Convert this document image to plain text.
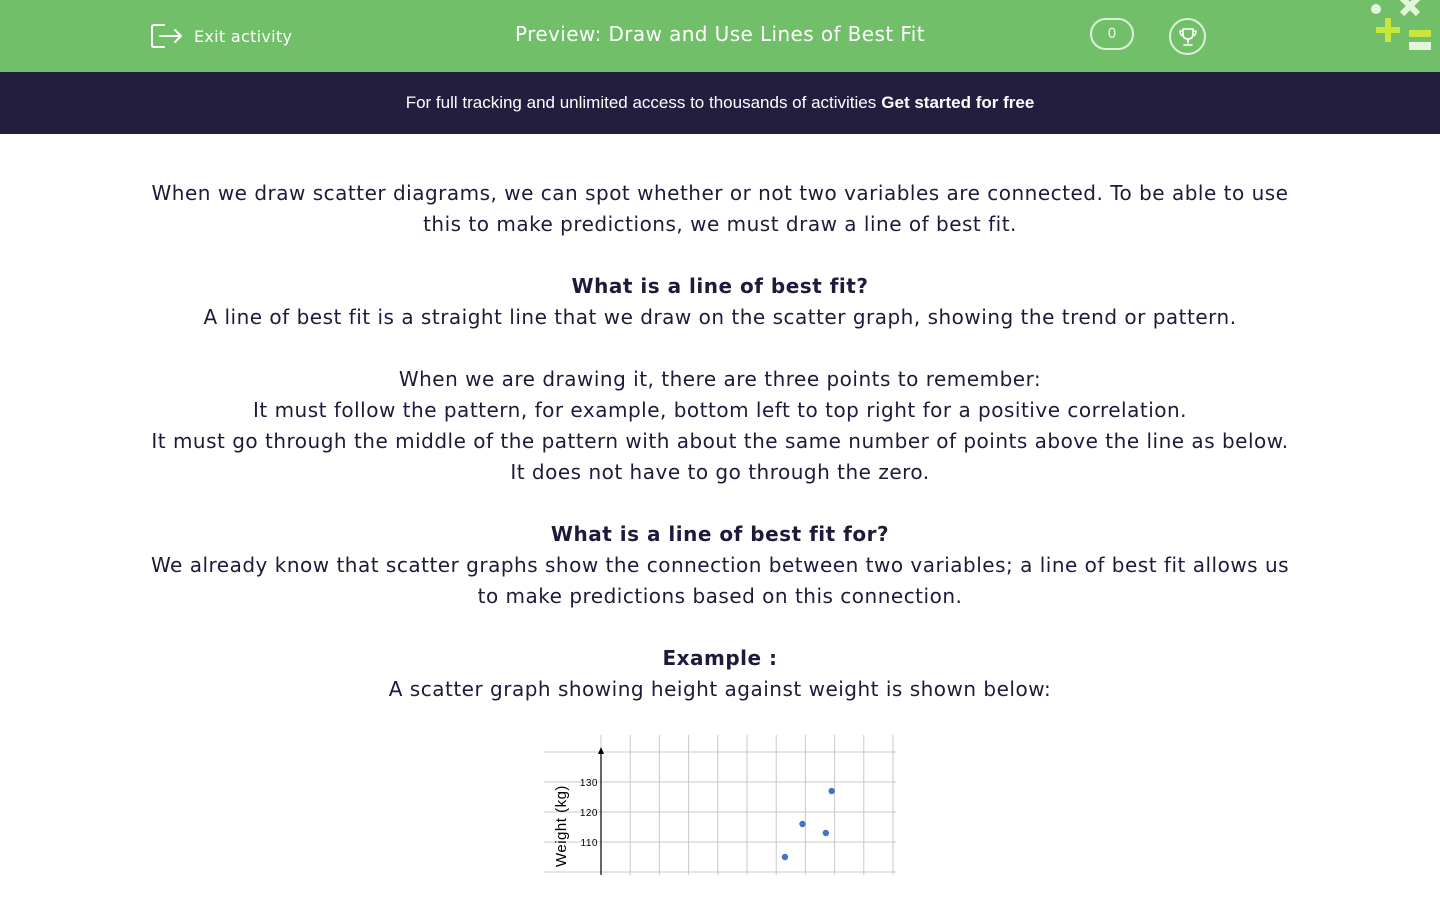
Exit activity	Preview: Draw and Use Lines of Best Fit	0
For full tracking and unlimited access to thousands of activities Get started for free

When we draw scatter diagrams, we can spot whether or not two variables are connected. To be able to use this to make predictions, we must draw a line of best fit.

What is a line of best fit?

A line of best fit is a straight line that we draw on the scatter graph, showing the trend or pattern.

When we are drawing it, there are three points to remember:

It must follow the pattern, for example, bottom left to top right for a positive correlation.

It must go through the middle of the pattern with about the same number of points above the line as below.

It does not have to go through the zero.

What is a line of best fit for?

We already know that scatter graphs show the connection between two variables; a line of best fit allows us to make predictions based on this connection.

Example :

A scatter graph showing height against weight is shown below:

110
120
130
Weight (kg)
